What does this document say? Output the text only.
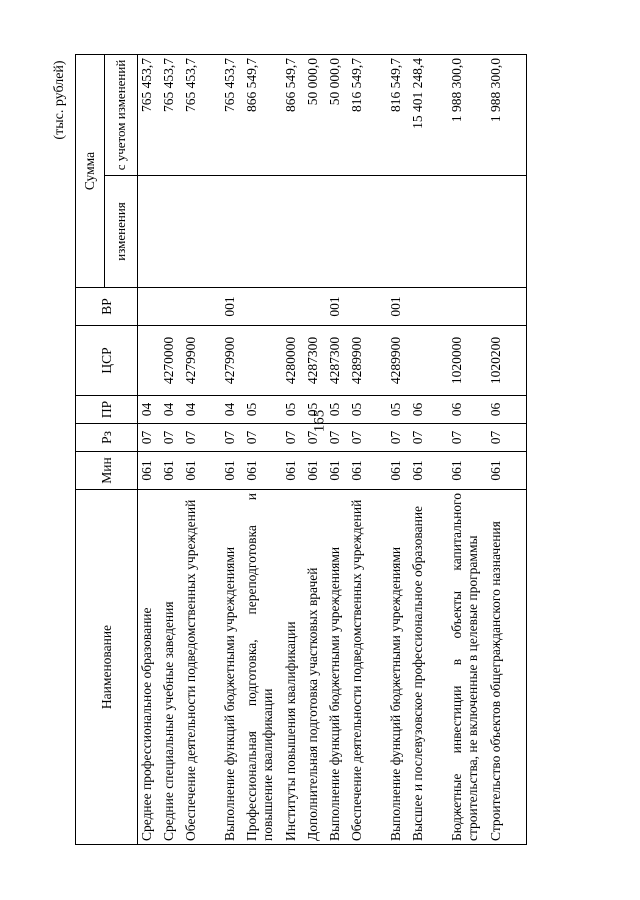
165
(тыс. рублей)
Наименование	Мин	Рз	ПР	ЦСР	ВР	Сумма	
						изменения	с учетом изменений
Среднее профессиональное образование	061	07	04				765 453,7
Средние специальные учебные заведения	061	07	04	4270000			765 453,7
Обеспечение деятельности подведомственных учреждений	061	07	04	4279900			765 453,7
Выполнение функций бюджетными учреждениями	061	07	04	4279900	001		765 453,7
Профессиональная подготовка, переподготовка и повышение квалификации	061	07	05				866 549,7
Институты повышения квалификации	061	07	05	4280000			866 549,7
Дополнительная подготовка участковых врачей	061	07	05	4287300			50 000,0
Выполнение функций бюджетными учреждениями	061	07	05	4287300	001		50 000,0
Обеспечение деятельности подведомственных учреждений	061	07	05	4289900			816 549,7
Выполнение функций бюджетными учреждениями	061	07	05	4289900	001		816 549,7
Высшее и послевузовское профессиональное образование	061	07	06				15 401 248,4
Бюджетные инвестиции в объекты капитального строительства, не включенные в целевые программы	061	07	06	1020000			1 988 300,0
Строительство объектов общегражданского назначения	061	07	06	1020200			1 988 300,0
